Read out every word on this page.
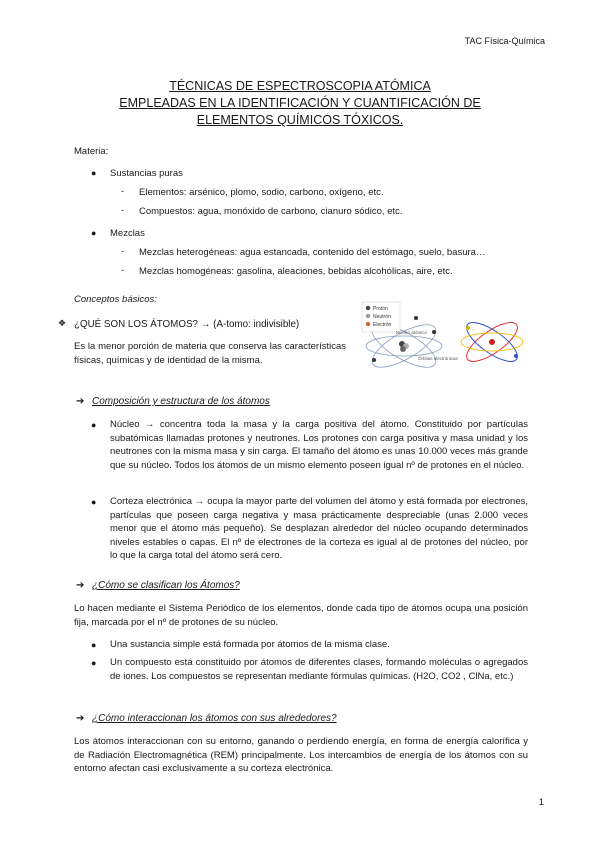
TAC Física-Química
TÉCNICAS DE ESPECTROSCOPIA ATÓMICA
EMPLEADAS EN LA IDENTIFICACIÓN Y CUANTIFICACIÓN DE
ELEMENTOS QUÍMICOS TÓXICOS.
Materia:
● Sustancias puras
- Elementos: arsénico, plomo, sodio, carbono, oxígeno, etc.
- Compuestos: agua, monóxido de carbono, cianuro sódico, etc.
● Mezclas
- Mezclas heterogéneas: agua estancada, contenido del estómago, suelo, basura…
- Mezclas homogéneas: gasolina, aleaciones, bebidas alcohólicas, aire, etc.
Conceptos básicos:
❖ ¿QUÉ SON LOS ÁTOMOS? → (A-tomo: indivisible)
Es la menor porción de materia que conserva las características físicas, químicas y de identidad de la misma.
Protón
Neutrón
Electrón
Núcleo atómico
Órbitas electrónicas
➔ Composición y estructura de los átomos
● Núcleo → concentra toda la masa y la carga positiva del átomo. Constituido por partículas subatómicas llamadas protones y neutrones. Los protones con carga positiva y masa unidad y los neutrones con la misma masa y sin carga. El tamaño del átomo es unas 10.000 veces más grande que su núcleo. Todos los átomos de un mismo elemento poseen igual nº de protones en el núcleo.
● Corteza electrónica → ocupa la mayor parte del volumen del átomo y está formada por electrones, partículas que poseen carga negativa y masa prácticamente despreciable (unas 2.000 veces menor que el átomo más pequeño). Se desplazan alrededor del núcleo ocupando determinados niveles estables o capas. El nº de electrones de la corteza es igual al de protones del núcleo, por lo que la carga total del átomo será cero.
➔ ¿Cómo se clasifican los Átomos?
Lo hacen mediante el Sistema Periódico de los elementos, donde cada tipo de átomos ocupa una posición fija, marcada por el nº de protones de su núcleo.
● Una sustancia simple está formada por átomos de la misma clase.
● Un compuesto está constituido por átomos de diferentes clases, formando moléculas o agregados de iones. Los compuestos se representan mediante fórmulas químicas. (H2O, CO2 , ClNa, etc.)
➔ ¿Cómo interaccionan los átomos con sus alrededores?
Los átomos interaccionan con su entorno, ganando o perdiendo energía, en forma de energía calorífica y de Radiación Electromagnética (REM) principalmente. Los intercambios de energía de los átomos con su entorno afectan casi exclusivamente a su corteza electrónica.
1
